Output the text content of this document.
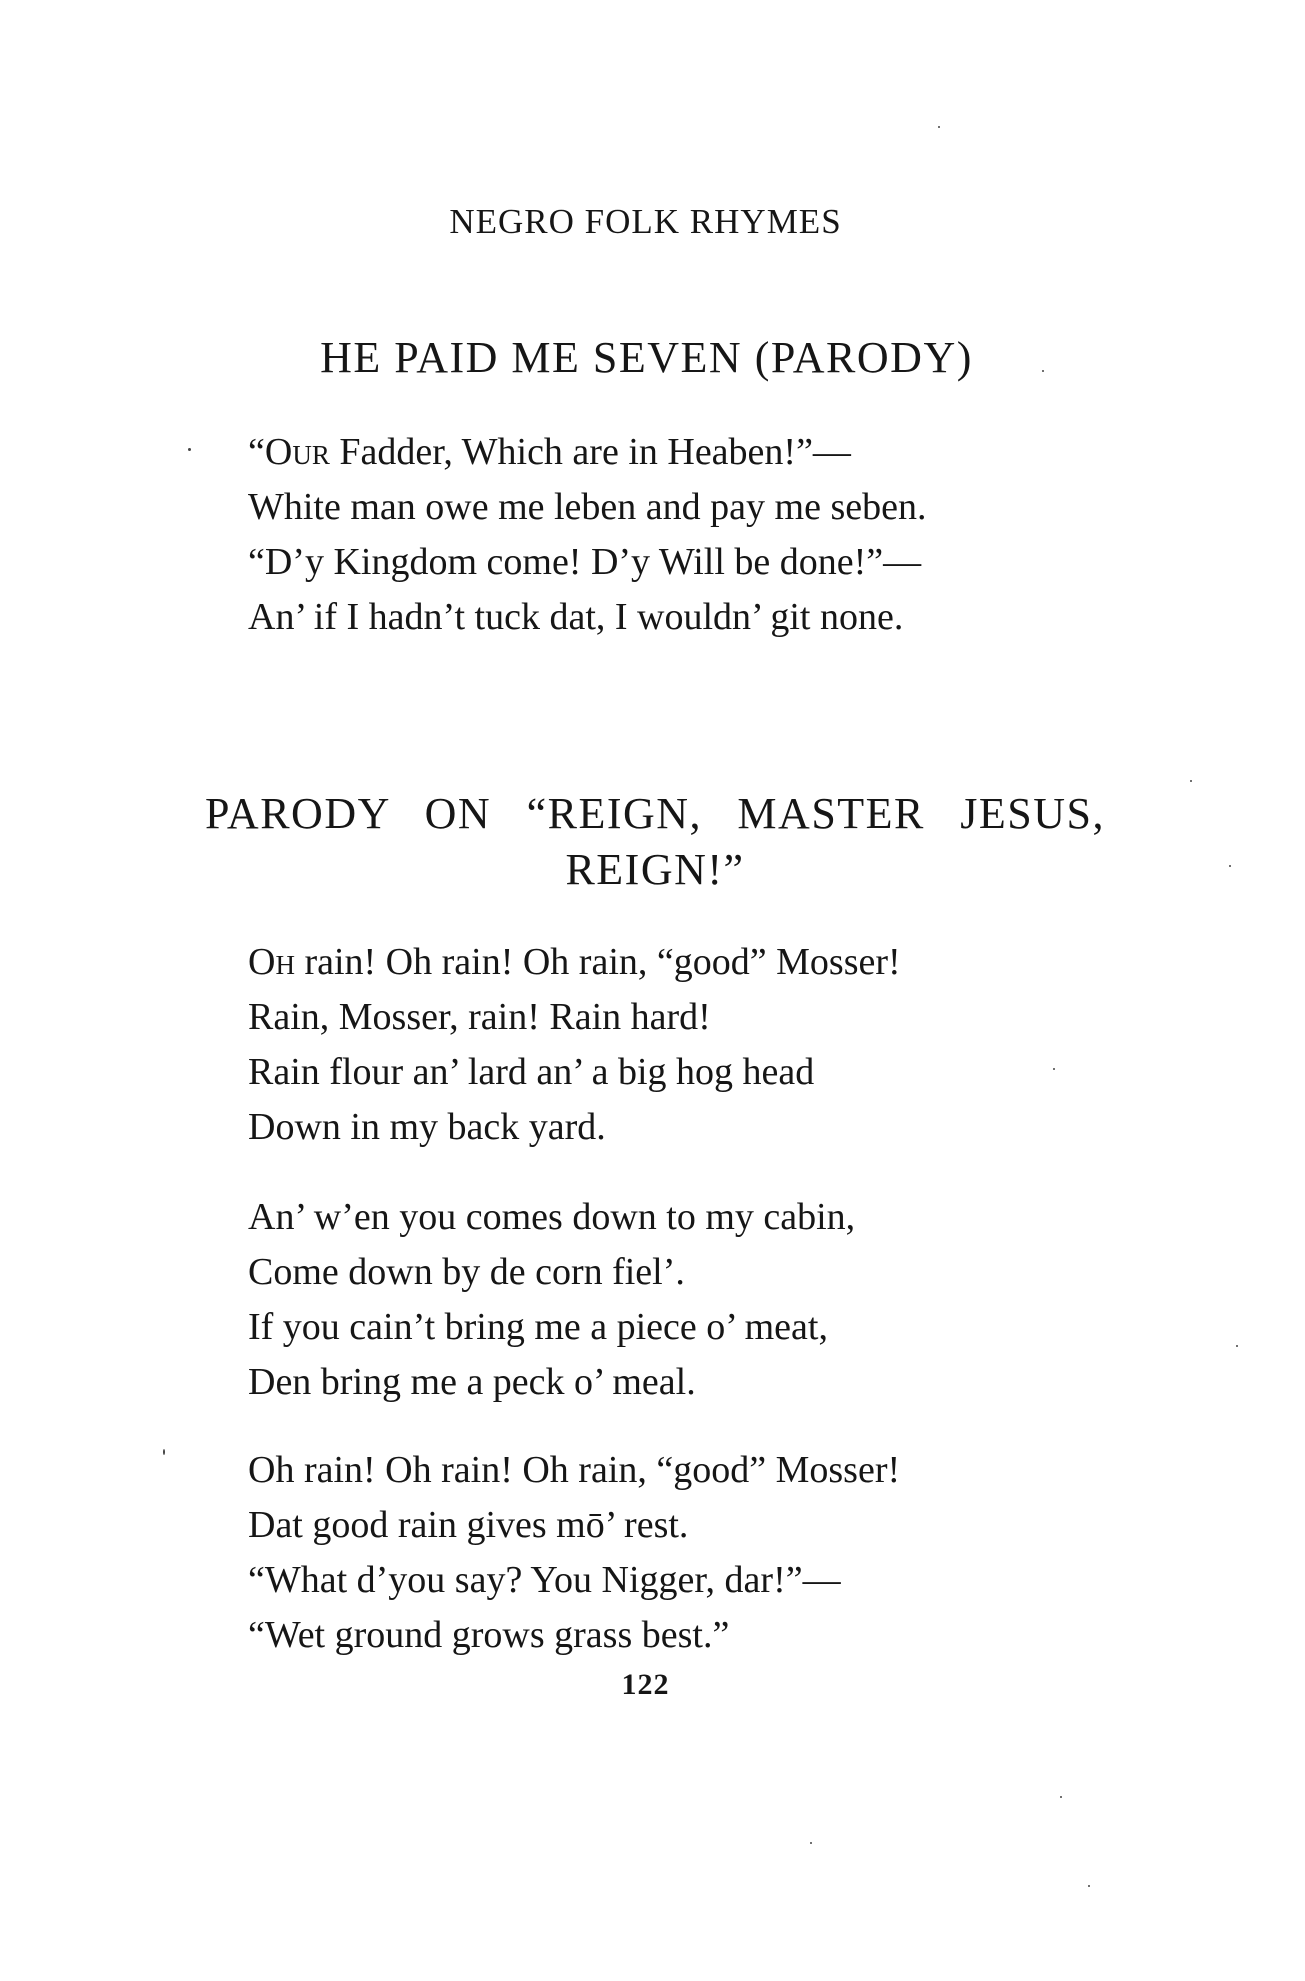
NEGRO FOLK RHYMES
HE PAID ME SEVEN (PARODY)
“Our Fadder, Which are in Heaben!”—
White man owe me leben and pay me seben.
“D’y Kingdom come! D’y Will be done!”—
An’ if I hadn’t tuck dat, I wouldn’ git none.
PARODY ON “REIGN, MASTER JESUS,
REIGN!”
Oh rain! Oh rain! Oh rain, “good” Mosser!
Rain, Mosser, rain! Rain hard!
Rain flour an’ lard an’ a big hog head
Down in my back yard.
An’ w’en you comes down to my cabin,
Come down by de corn fiel’.
If you cain’t bring me a piece o’ meat,
Den bring me a peck o’ meal.
Oh rain! Oh rain! Oh rain, “good” Mosser!
Dat good rain gives mō’ rest.
“What d’you say? You Nigger, dar!”—
“Wet ground grows grass best.”
122
